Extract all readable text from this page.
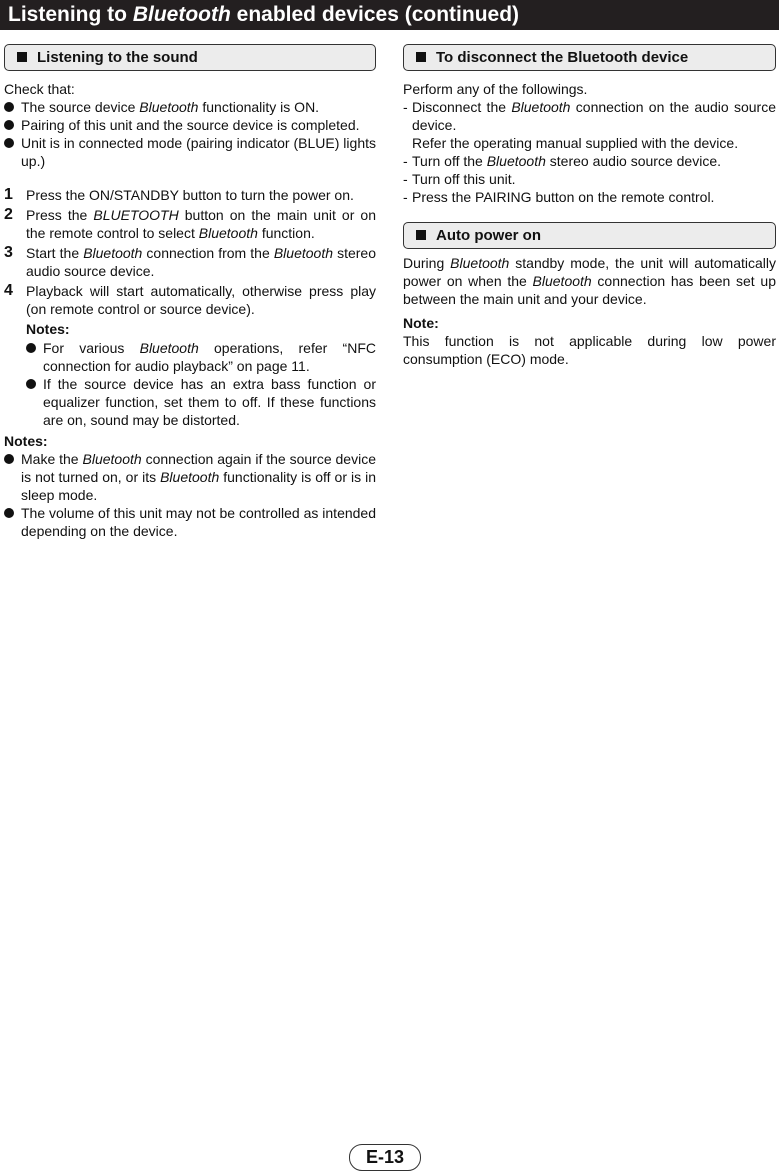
Listening to Bluetooth enabled devices (continued)
Listening to the sound

Check that:

The source device Bluetooth functionality is ON.
Pairing of this unit and the source device is completed.
Unit is in connected mode (pairing indicator (BLUE) lights up.)
1 Press the ON/STANDBY button to turn the power on.
2 Press the BLUETOOTH button on the main unit or on the remote control to select Bluetooth function.
3 Start the Bluetooth connection from the Bluetooth stereo audio source device.
4 Playback will start automatically, otherwise press play (on remote control or source device).

Notes:

For various Bluetooth operations, refer “NFC connection for audio playback” on page 11.
If the source device has an extra bass function or equalizer function, set them to off. If these functions are on, sound may be distorted.

Notes:

Make the Bluetooth connection again if the source device is not turned on, or its Bluetooth functionality is off or is in sleep mode.
The volume of this unit may not be controlled as intended depending on the device.
To disconnect the Bluetooth device

Perform any of the followings.

- Disconnect the Bluetooth connection on the audio source device.
Refer the operating manual supplied with the device.
- Turn off the Bluetooth stereo audio source device.
- Turn off this unit.
- Press the PAIRING button on the remote control.
Auto power on

During Bluetooth standby mode, the unit will automatically power on when the Bluetooth connection has been set up between the main unit and your device.

Note:

This function is not applicable during low power consumption (ECO) mode.

E-13
